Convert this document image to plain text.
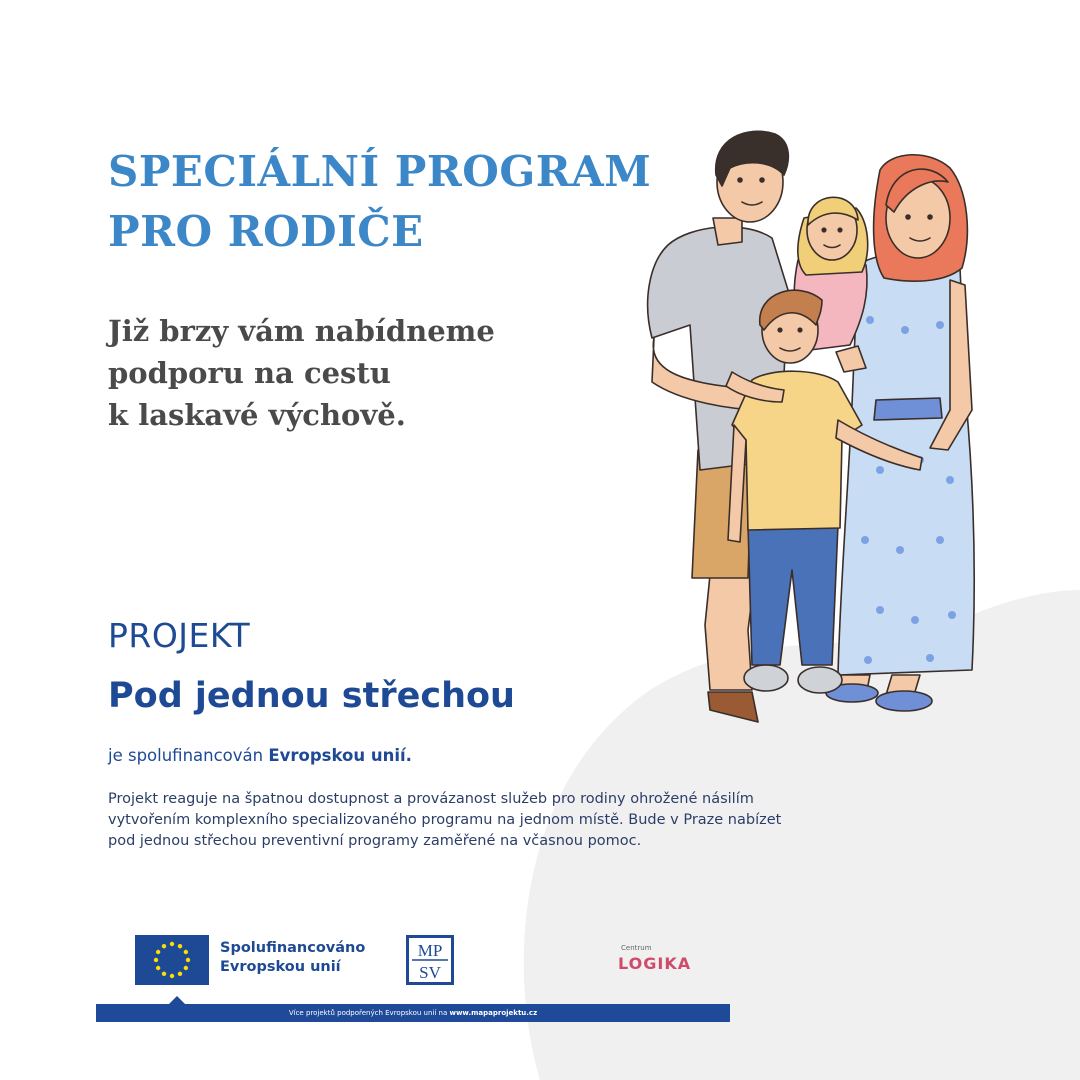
SPECIÁLNÍ PROGRAM
PRO RODIČE
Již brzy vám nabídneme
podporu na cestu
k laskavé výchově.
PROJEKT
Pod jednou střechou
je spolufinancován Evropskou unií.

Projekt reaguje na špatnou dostupnost a provázanost služeb pro rodiny ohrožené násilím
vytvořením komplexního specializovaného programu na jednom místě. Bude v Praze nabízet
pod jednou střechou preventivní programy zaměřené na včasnou pomoc.

Spolufinancováno
Evropskou unií
MP
SV
Centrum
LOGIKA
Více projektů podpořených Evropskou unií na www.mapaprojektu.cz
